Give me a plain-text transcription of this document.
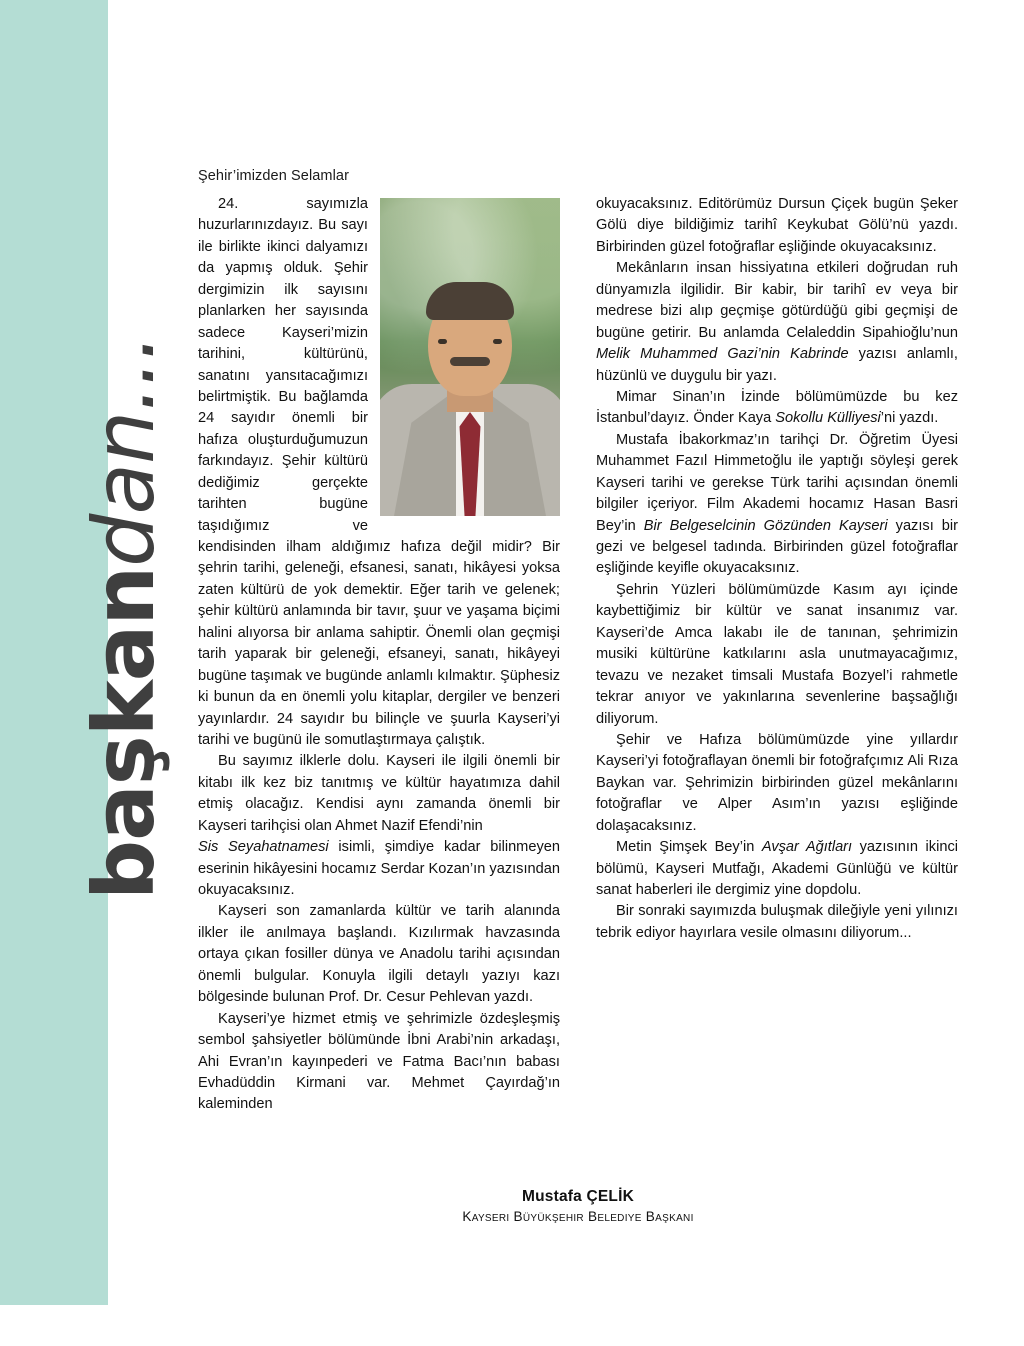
başkandan...
Şehir’imizden Selamlar

24. sayımızla huzurlarınızdayız. Bu sayı ile birlikte ikinci dalyamızı da yapmış olduk. Şehir dergimizin ilk sayısını planlarken her sayısında sadece Kayseri’mizin tarihini, kültürünü, sanatını yansıtacağımızı belirtmiştik. Bu bağlamda 24 sayıdır önemli bir hafıza oluşturduğumuzun farkındayız. Şehir kültürü dediğimiz gerçekte tarihten bugüne taşıdığımız ve kendisinden ilham aldığımız hafıza değil midir? Bir şehrin tarihi, geleneği, efsanesi, sanatı, hikâyesi yoksa zaten kültürü de yok demektir. Eğer tarih ve gelenek; şehir kültürü anlamında bir tavır, şuur ve yaşama biçimi halini alıyorsa bir anlama sahiptir. Önemli olan geçmişi tarih yaparak bir geleneği, efsaneyi, sanatı, hikâyeyi bugüne taşımak ve bugünde anlamlı kılmaktır. Şüphesiz ki bunun da en önemli yolu kitaplar, dergiler ve benzeri yayınlardır. 24 sayıdır bu bilinçle ve şuurla Kayseri’yi tarihi ve bugünü ile somutlaştırmaya çalıştık.

Bu sayımız ilklerle dolu. Kayseri ile ilgili önemli bir kitabı ilk kez biz tanıtmış ve kültür hayatımıza dahil etmiş olacağız. Kendisi aynı zamanda önemli bir Kayseri tarihçisi olan Ahmet Nazif Efendi’nin

Sis Seyahatnamesi isimli, şimdiye kadar bilinmeyen eserinin hikâyesini hocamız Serdar Kozan’ın yazısından okuyacaksınız.

Kayseri son zamanlarda kültür ve tarih alanında ilkler ile anılmaya başlandı. Kızılırmak havzasında ortaya çıkan fosiller dünya ve Anadolu tarihi açısından önemli bulgular. Konuyla ilgili detaylı yazıyı kazı bölgesinde bulunan Prof. Dr. Cesur Pehlevan yazdı.

Kayseri’ye hizmet etmiş ve şehrimizle özdeşleşmiş sembol şahsiyetler bölümünde İbni Arabi’nin arkadaşı, Ahi Evran’ın kayınpederi ve Fatma Bacı’nın babası Evhadüddin Kirmani var. Mehmet Çayırdağ’ın kaleminden

okuyacaksınız. Editörümüz Dursun Çiçek bugün Şeker Gölü diye bildiğimiz tarihî Keykubat Gölü’nü yazdı. Birbirinden güzel fotoğraflar eşliğinde okuyacaksınız.

Mekânların insan hissiyatına etkileri doğrudan ruh dünyamızla ilgilidir. Bir kabir, bir tarihî ev veya bir medrese bizi alıp geçmişe götürdüğü gibi geçmişi de bugüne getirir. Bu anlamda Celaleddin Sipahioğlu’nun Melik Muhammed Gazi’nin Kabrinde yazısı anlamlı, hüzünlü ve duygulu bir yazı.

Mimar Sinan’ın İzinde bölümümüzde bu kez İstanbul’dayız. Önder Kaya Sokollu Külliyesi’ni yazdı.

Mustafa İbakorkmaz’ın tarihçi Dr. Öğretim Üyesi Muhammet Fazıl Himmetoğlu ile yaptığı söyleşi gerek Kayseri tarihi ve gerekse Türk tarihi açısından önemli bilgiler içeriyor. Film Akademi hocamız Hasan Basri Bey’in Bir Belgeselcinin Gözünden Kayseri yazısı bir gezi ve belgesel tadında. Birbirinden güzel fotoğraflar eşliğinde keyifle okuyacaksınız.

Şehrin Yüzleri bölümümüzde Kasım ayı içinde kaybettiğimiz bir kültür ve sanat insanımız var. Kayseri’de Amca lakabı ile de tanınan, şehrimizin musiki kültürüne katkılarını asla unutmayacağımız, tevazu ve nezaket timsali Mustafa Bozyel’i rahmetle tekrar anıyor ve yakınlarına sevenlerine başsağlığı diliyorum.

Şehir ve Hafıza bölümümüzde yine yıllardır Kayseri’yi fotoğraflayan önemli bir fotoğrafçımız Ali Rıza Baykan var. Şehrimizin birbirinden güzel mekânlarını fotoğraflar ve Alper Asım’ın yazısı eşliğinde dolaşacaksınız.

Metin Şimşek Bey’in Avşar Ağıtları yazısının ikinci bölümü, Kayseri Mutfağı, Akademi Günlüğü ve kültür sanat haberleri ile dergimiz yine dopdolu.

Bir sonraki sayımızda buluşmak dileğiyle yeni yılınızı tebrik ediyor hayırlara vesile olmasını diliyorum...

Mustafa ÇELİK
Kayseri Büyükşehir Belediye Başkanı
